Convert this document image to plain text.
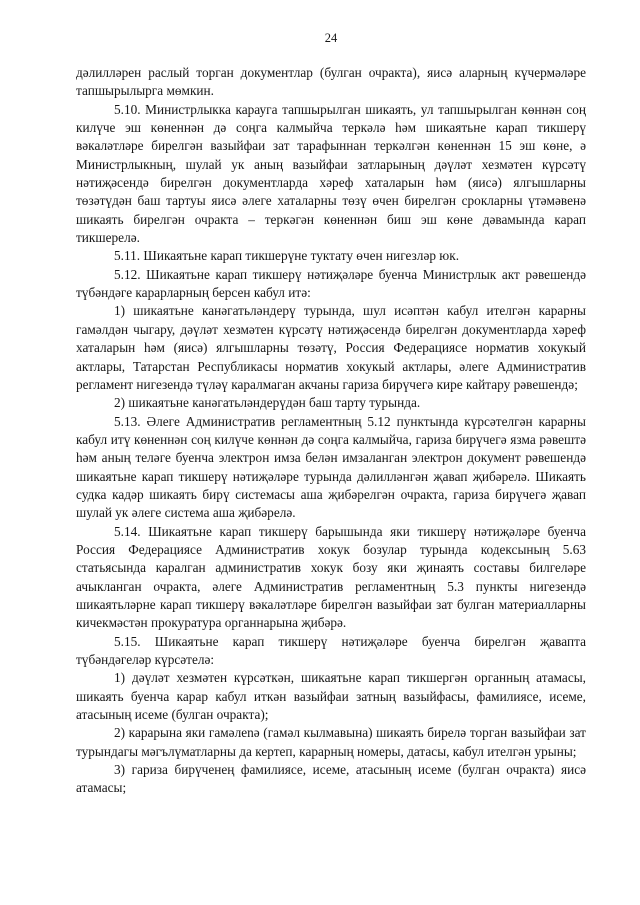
24

дәлилләрен раслый торган документлар (булган очракта), яисә аларның күчермәләре тапшырылырга мөмкин.

5.10. Министрлыкка карауга тапшырылган шикаять, ул тапшырылган көннән соң килүче эш көненнән дә соңга калмыйча теркәлә һәм шикаятьне карап тикшерү вәкаләтләре бирелгән вазыйфаи зат тарафыннан теркәлгән көненнән 15 эш көне, ә Министрлыкның, шулай ук аның вазыйфаи затларының дәүләт хезмәтен күрсәтү нәтиҗәсендә бирелгән документларда хәреф хаталарын һәм (яисә) ялгышларны төзәтүдән баш тартуы яисә әлеге хаталарны төзү өчен бирелгән срокларны үтәмәвенә шикаять бирелгән очракта – теркәгән көненнән биш эш көне дәвамында карап тикшерелә.

5.11. Шикаятьне карап тикшерүне туктату өчен нигезләр юк.

5.12. Шикаятьне карап тикшерү нәтиҗәләре буенча Министрлык акт рәвешендә түбәндәге карарларның берсен кабул итә:

1) шикаятьне канәгатьләндерү турында, шул исәптән кабул ителгән карарны гамәлдән чыгару, дәүләт хезмәтен күрсәтү нәтиҗәсендә бирелгән документларда хәреф хаталарын һәм (яисә) ялгышларны төзәтү, Россия Федерациясе норматив хокукый актлары, Татарстан Республикасы норматив хокукый актлары, әлеге Административ регламент нигезендә түләү каралмаган акчаны гариза бирүчегә кире кайтару рәвешендә;

2) шикаятьне канәгатьләндерүдән баш тарту турында.

5.13. Әлеге Административ регламентның 5.12 пунктында күрсәтелгән карарны кабул итү көненнән соң килүче көннән дә соңга калмыйча, гариза бирүчегә язма рәвештә һәм аның теләге буенча электрон имза белән имзаланган электрон документ рәвешендә шикаятьне карап тикшерү нәтиҗәләре турында дәлилләнгән җавап җибәрелә. Шикаять судка кадәр шикаять бирү системасы аша җибәрелгән очракта, гариза бирүчегә җавап шулай ук әлеге система аша җибәрелә.

5.14. Шикаятьне карап тикшерү барышында яки тикшерү нәтиҗәләре буенча Россия Федерациясе Административ хокук бозулар турында кодексының 5.63 статьясында каралган административ хокук бозу яки җинаять составы билгеләре ачыкланган очракта, әлеге Административ регламентның 5.3 пункты нигезендә шикаятьләрне карап тикшерү вәкаләтләре бирелгән вазыйфаи зат булган материалларны кичекмәстән прокуратура органнарына җибәрә.

5.15. Шикаятьне карап тикшерү нәтиҗәләре буенча бирелгән җавапта түбәндәгеләр күрсәтелә:

1) дәүләт хезмәтен күрсәткән, шикаятьне карап тикшергән органның атамасы, шикаять буенча карар кабул иткән вазыйфаи затның вазыйфасы, фамилиясе, исеме, атасының исеме (булган очракта);

2) карарына яки гамәлenә (гамәл кылмавына) шикаять бирелә торган вазыйфаи зат турындагы мәгълүматларны да кертеп, карарның номеры, датасы, кабул ителгән урыны;

3) гариза бирүченең фамилиясе, исеме, атасының исеме (булган очракта) яисә атамасы;
